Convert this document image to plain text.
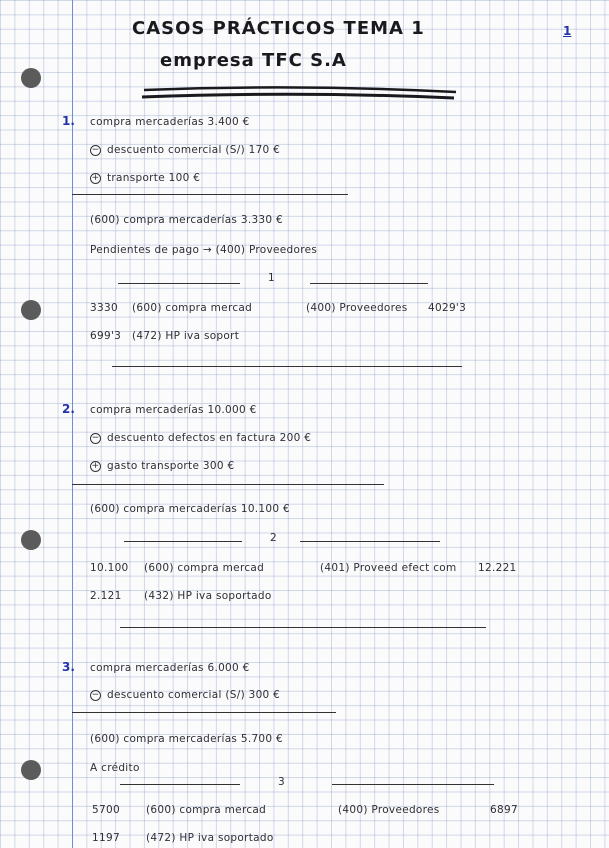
CASOS PRÁCTICOS TEMA 1
empresa TFC S.A
1
1. compra mercaderías 3.400 €
− descuento comercial (S/) 170 €
+ transporte 100 €
(600) compra mercaderías 3.330 €
Pendientes de pago → (400) Proveedores
1
3330 (600) compra mercad	(400) Proveedores 4029'3
699'3 (472) HP iva soport
2. compra mercaderías 10.000 €
− descuento defectos en factura 200 €
+ gasto transporte 300 €
(600) compra mercaderías 10.100 €
2
10.100 (600) compra mercad	(401) Proveed efect com 12.221
2.121 (432) HP iva soportado
3. compra mercaderías 6.000 €
− descuento comercial (S/) 300 €
(600) compra mercaderías 5.700 €
A crédito
3
5700 (600) compra mercad	(400) Proveedores	6897
1197 (472) HP iva soportado
